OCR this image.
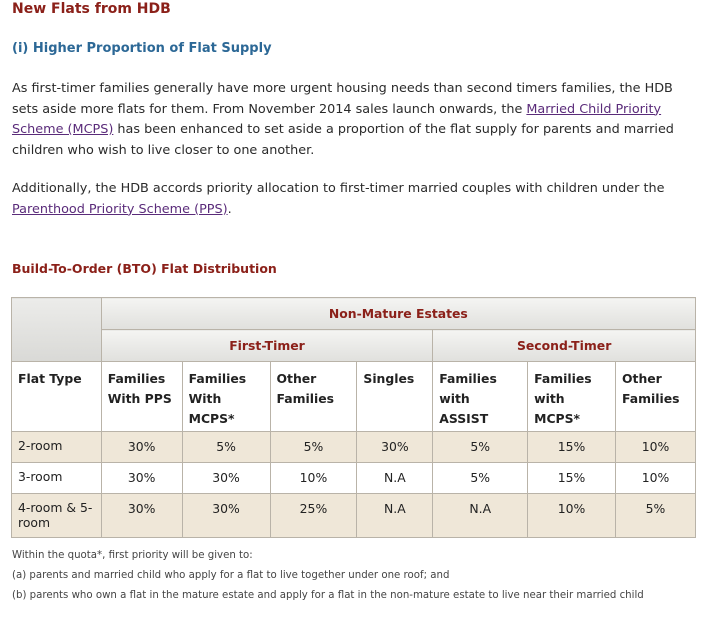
New Flats from HDB
(i) Higher Proportion of Flat Supply

As first-timer families generally have more urgent housing needs than second timers families, the HDB sets aside more flats for them. From November 2014 sales launch onwards, the Married Child Priority Scheme (MCPS) has been enhanced to set aside a proportion of the flat supply for parents and married children who wish to live closer to one another.

Additionally, the HDB accords priority allocation to first-timer married couples with children under the Parenthood Priority Scheme (PPS).

Build-To-Order (BTO) Flat Distribution
	Non-Mature Estates						
	First-Timer				Second-Timer		
Flat Type	Families With PPS	Families With MCPS*	Other Families	Singles	Families with ASSIST	Families with MCPS*	Other Families
2-room	30%	5%	5%	30%	5%	15%	10%
3-room	30%	30%	10%	N.A	5%	15%	10%
4-room & 5-room	30%	30%	25%	N.A	N.A	10%	5%
Within the quota*, first priority will be given to:
(a) parents and married child who apply for a flat to live together under one roof; and
(b) parents who own a flat in the mature estate and apply for a flat in the non-mature estate to live near their married child
